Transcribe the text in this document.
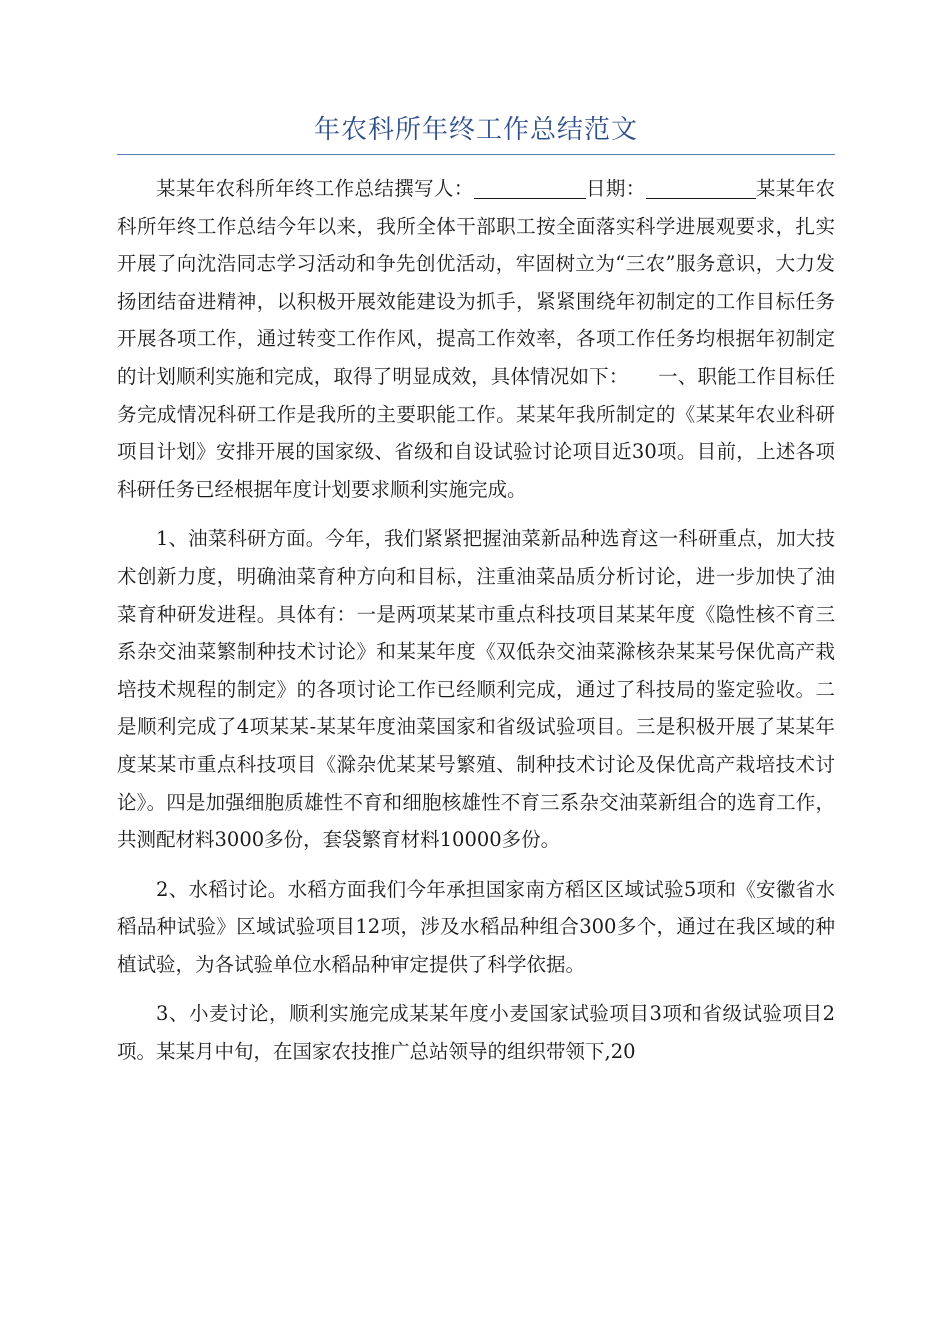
年农科所年终工作总结范文

某某年农科所年终工作总结撰写人：	日期：	某某年农科所年终工作总结今年以来，我所全体干部职工按全面落实科学进展观要求，扎实开展了向沈浩同志学习活动和争先创优活动，牢固树立为“三农”服务意识，大力发扬团结奋进精神，以积极开展效能建设为抓手，紧紧围绕年初制定的工作目标任务开展各项工作，通过转变工作作风，提高工作效率，各项工作任务均根据年初制定的计划顺利实施和完成，取得了明显成效，具体情况如下：　　一、职能工作目标任务完成情况科研工作是我所的主要职能工作。某某年我所制定的《某某年农业科研项目计划》安排开展的国家级、省级和自设试验讨论项目近30项。目前，上述各项科研任务已经根据年度计划要求顺利实施完成。

1、油菜科研方面。今年，我们紧紧把握油菜新品种选育这一科研重点，加大技术创新力度，明确油菜育种方向和目标，注重油菜品质分析讨论，进一步加快了油菜育种研发进程。具体有：一是两项某某市重点科技项目某某年度《隐性核不育三系杂交油菜繁制种技术讨论》和某某年度《双低杂交油菜滁核杂某某号保优高产栽培技术规程的制定》的各项讨论工作已经顺利完成，通过了科技局的鉴定验收。二是顺利完成了4项某某-某某年度油菜国家和省级试验项目。三是积极开展了某某年度某某市重点科技项目《滁杂优某某号繁殖、制种技术讨论及保优高产栽培技术讨论》。四是加强细胞质雄性不育和细胞核雄性不育三系杂交油菜新组合的选育工作，共测配材料3000多份，套袋繁育材料10000多份。

2、水稻讨论。水稻方面我们今年承担国家南方稻区区域试验5项和《安徽省水稻品种试验》区域试验项目12项，涉及水稻品种组合300多个，通过在我区域的种植试验，为各试验单位水稻品种审定提供了科学依据。

3、小麦讨论，顺利实施完成某某年度小麦国家试验项目3项和省级试验项目2项。某某月中旬，在国家农技推广总站领导的组织带领下,20
